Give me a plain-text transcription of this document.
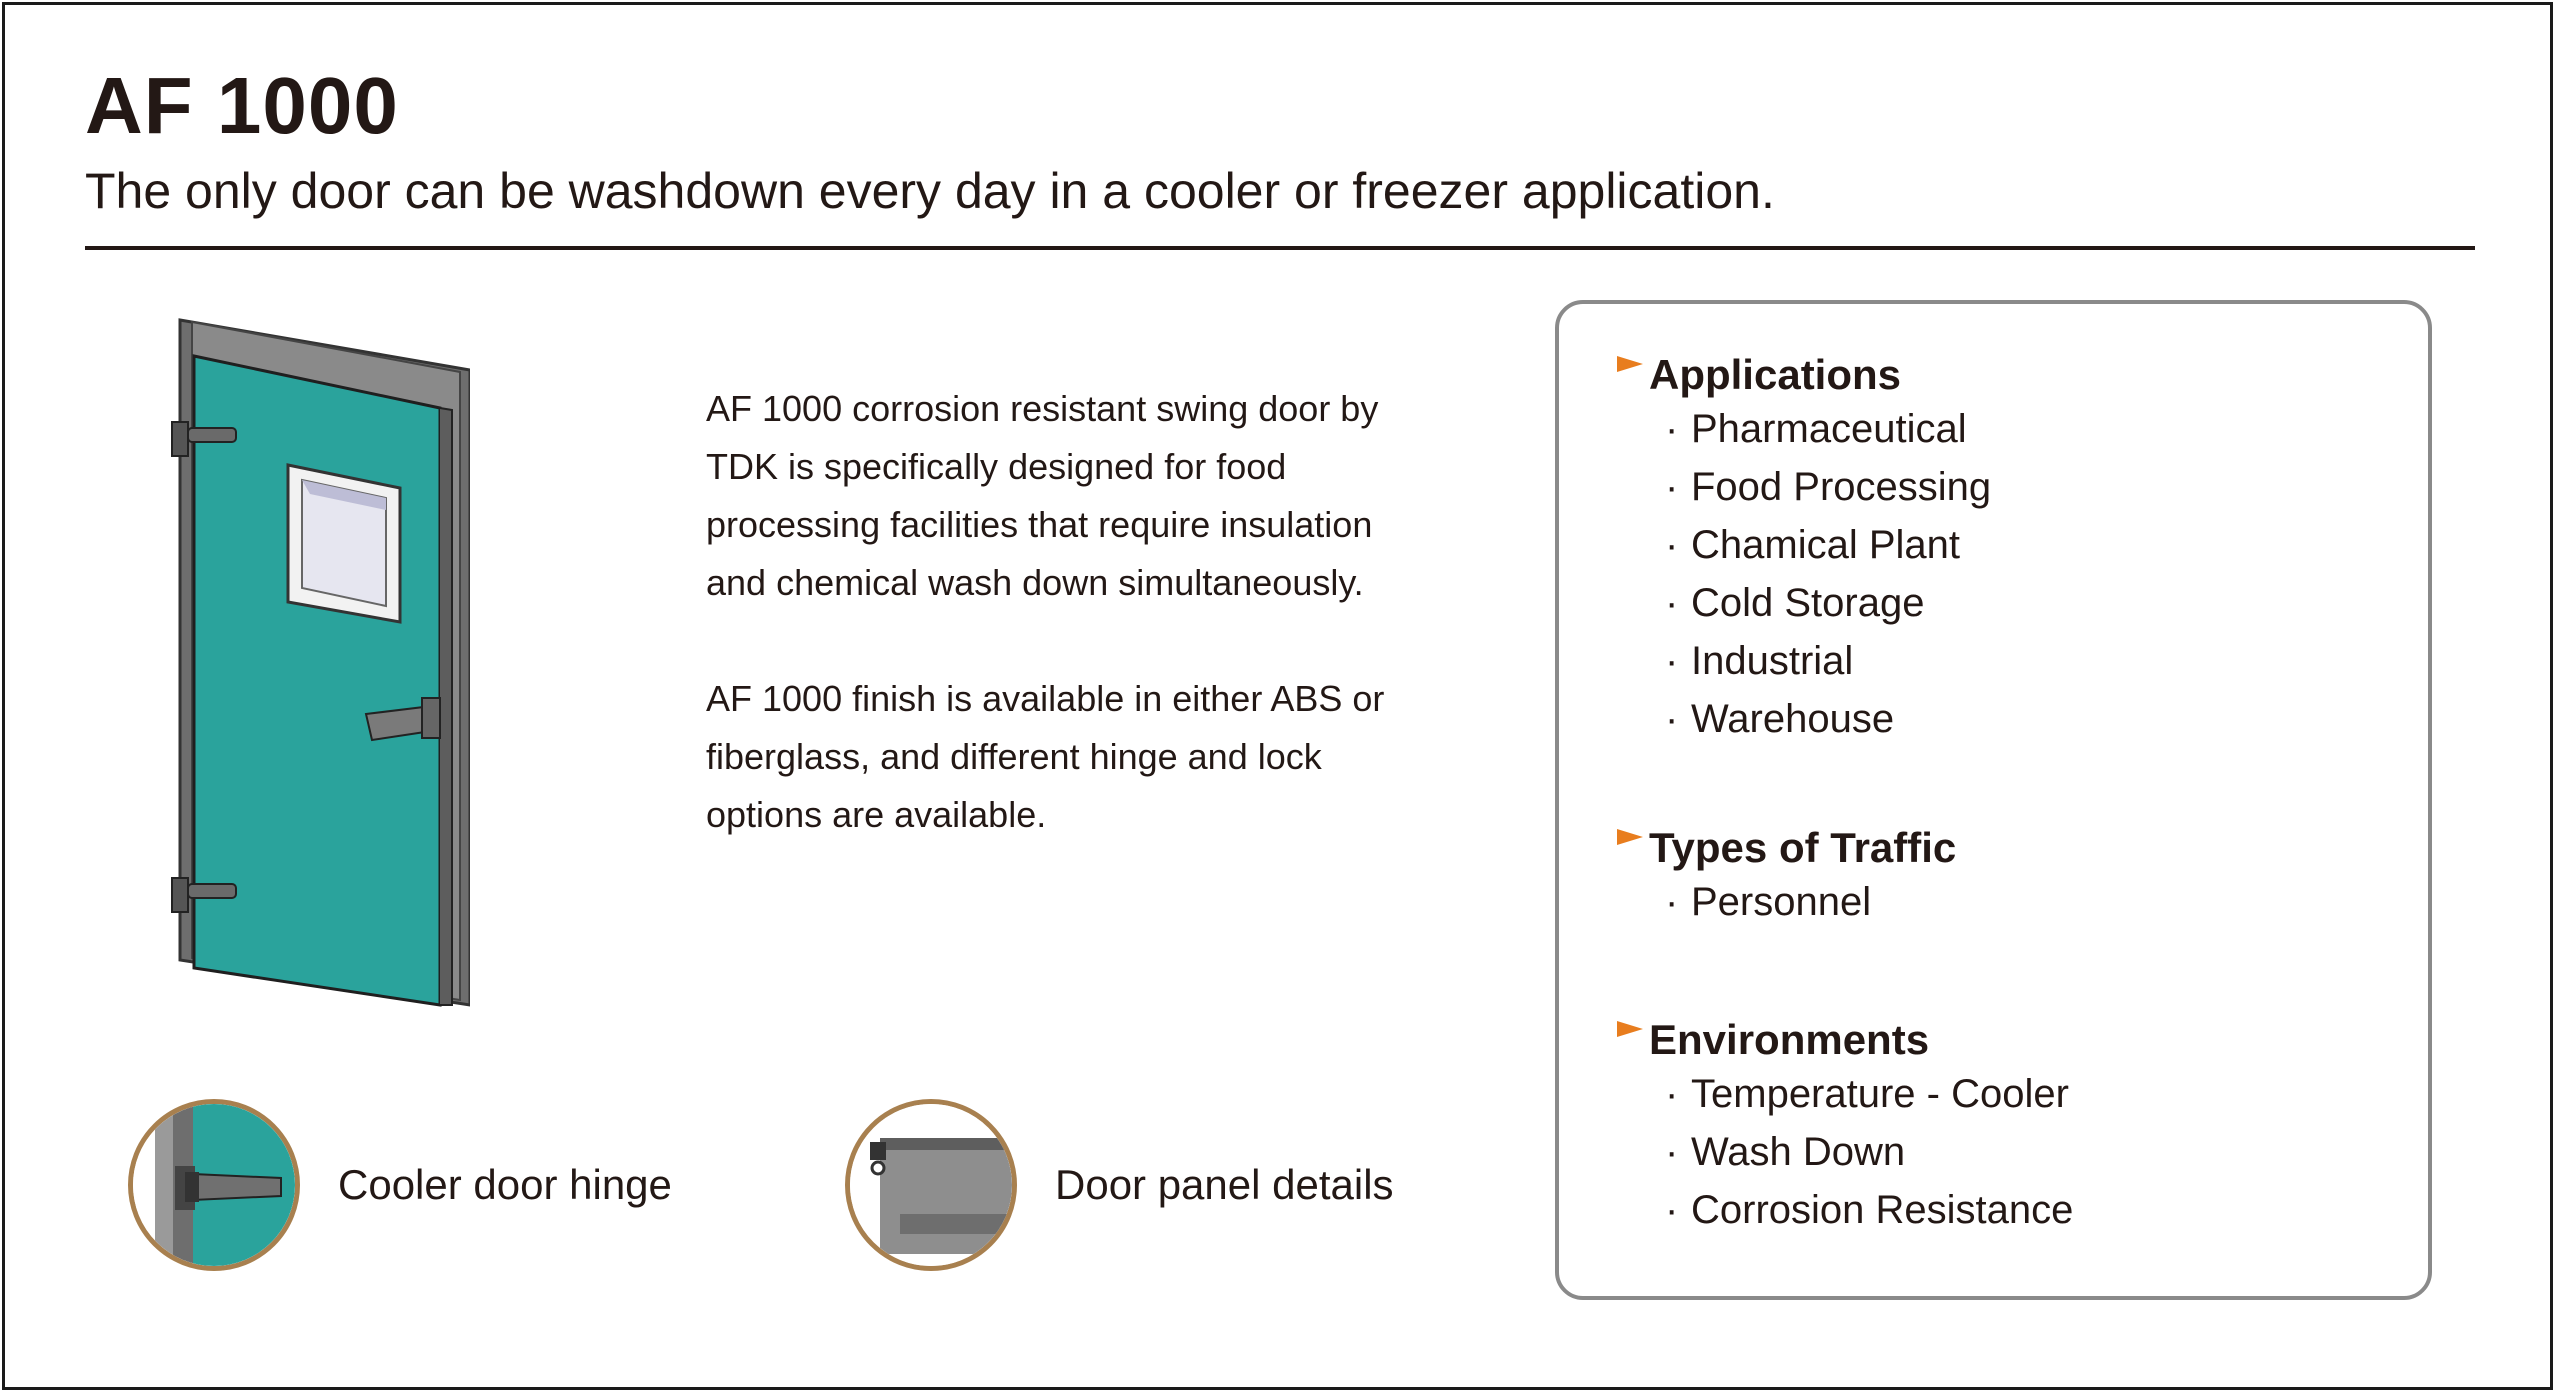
AF 1000

The only door can be washdown every day in a cooler or freezer application.

AF 1000 corrosion resistant swing door by TDK is specifically designed for food processing facilities that require insulation and chemical wash down simultaneously.

AF 1000 finish is available in either ABS or fiberglass, and different hinge and lock options are available.

Cooler door hinge	Door panel details
Applications
· Pharmaceutical
· Food Processing
· Chamical Plant
· Cold Storage
· Industrial
· Warehouse
Types of Traffic
· Personnel
Environments
· Temperature - Cooler
· Wash Down
· Corrosion Resistance
